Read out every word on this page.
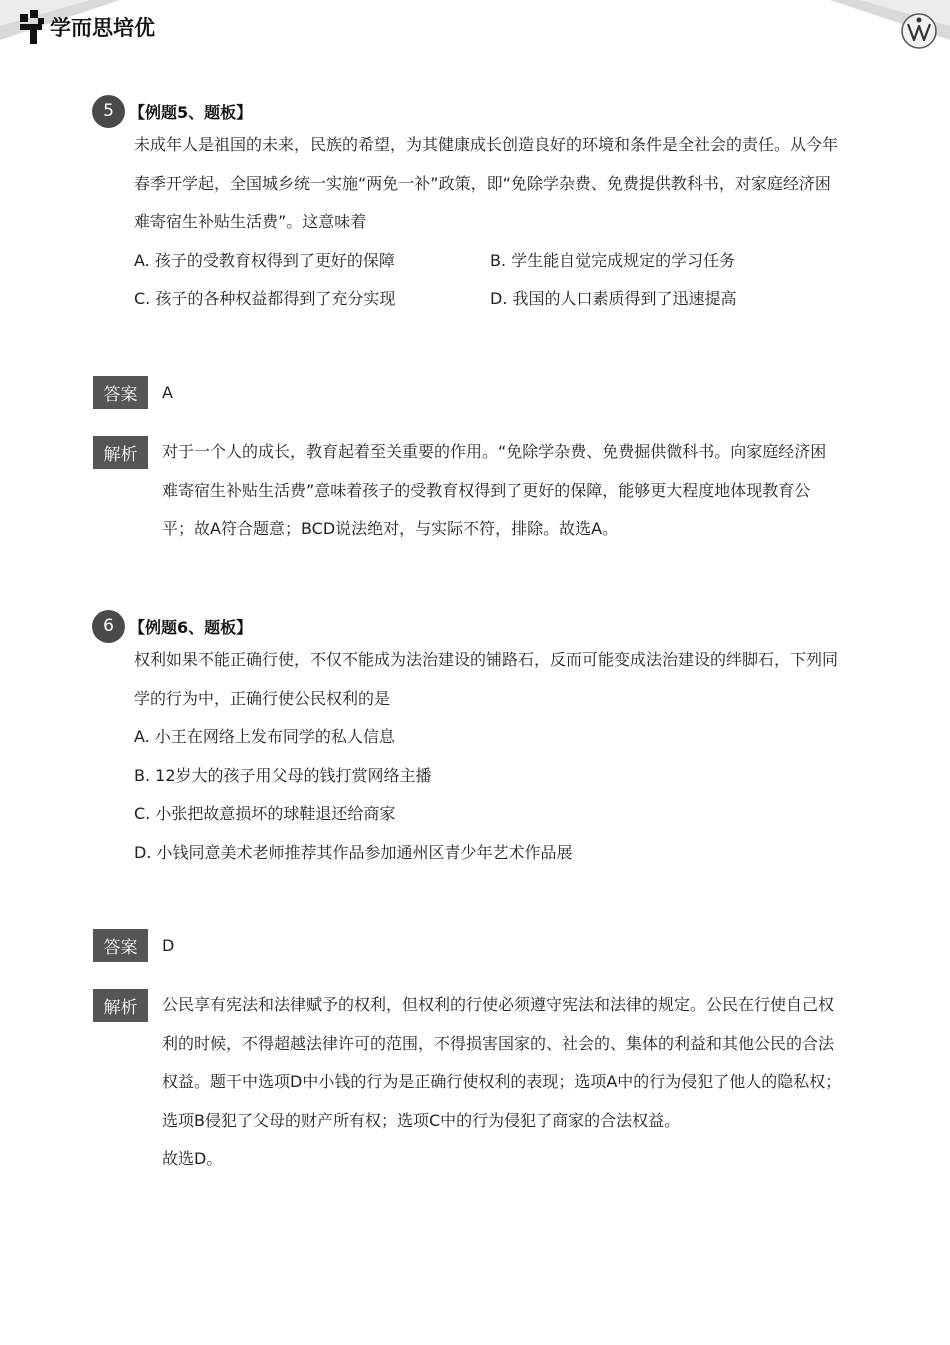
学而思培优
5 【例题5、题板】
未成年人是祖国的未来，民族的希望，为其健康成长创造良好的环境和条件是全社会的责任。从今年春季开学起，全国城乡统一实施“两免一补”政策，即“免除学杂费、免费提供教科书，对家庭经济困难寄宿生补贴生活费”。这意味着
A. 孩子的受教育权得到了更好的保障	B. 学生能自觉完成规定的学习任务
C. 孩子的各种权益都得到了充分实现	D. 我国的人口素质得到了迅速提高
答案	A
解析	对于一个人的成长，教育起着至关重要的作用。“免除学杂费、免费掘供微科书。向家庭经济困难寄宿生补贴生活费”意味着孩子的受教育权得到了更好的保障，能够更大程度地体现教育公平；故A符合题意；BCD说法绝对，与实际不符，排除。故选A。
6 【例题6、题板】
权利如果不能正确行使，不仅不能成为法治建设的铺路石，反而可能变成法治建设的绊脚石，下列同学的行为中，正确行使公民权利的是
A. 小王在网络上发布同学的私人信息
B. 12岁大的孩子用父母的钱打赏网络主播
C. 小张把故意损坏的球鞋退还给商家
D. 小钱同意美术老师推荐其作品参加通州区青少年艺术作品展
答案	D
解析	公民享有宪法和法律赋予的权利，但权利的行使必须遵守宪法和法律的规定。公民在行使自己权利的时候，不得超越法律许可的范围，不得损害国家的、社会的、集体的利益和其他公民的合法权益。题干中选项D中小钱的行为是正确行使权利的表现；选项A中的行为侵犯了他人的隐私权；选项B侵犯了父母的财产所有权；选项C中的行为侵犯了商家的合法权益。
故选D。
